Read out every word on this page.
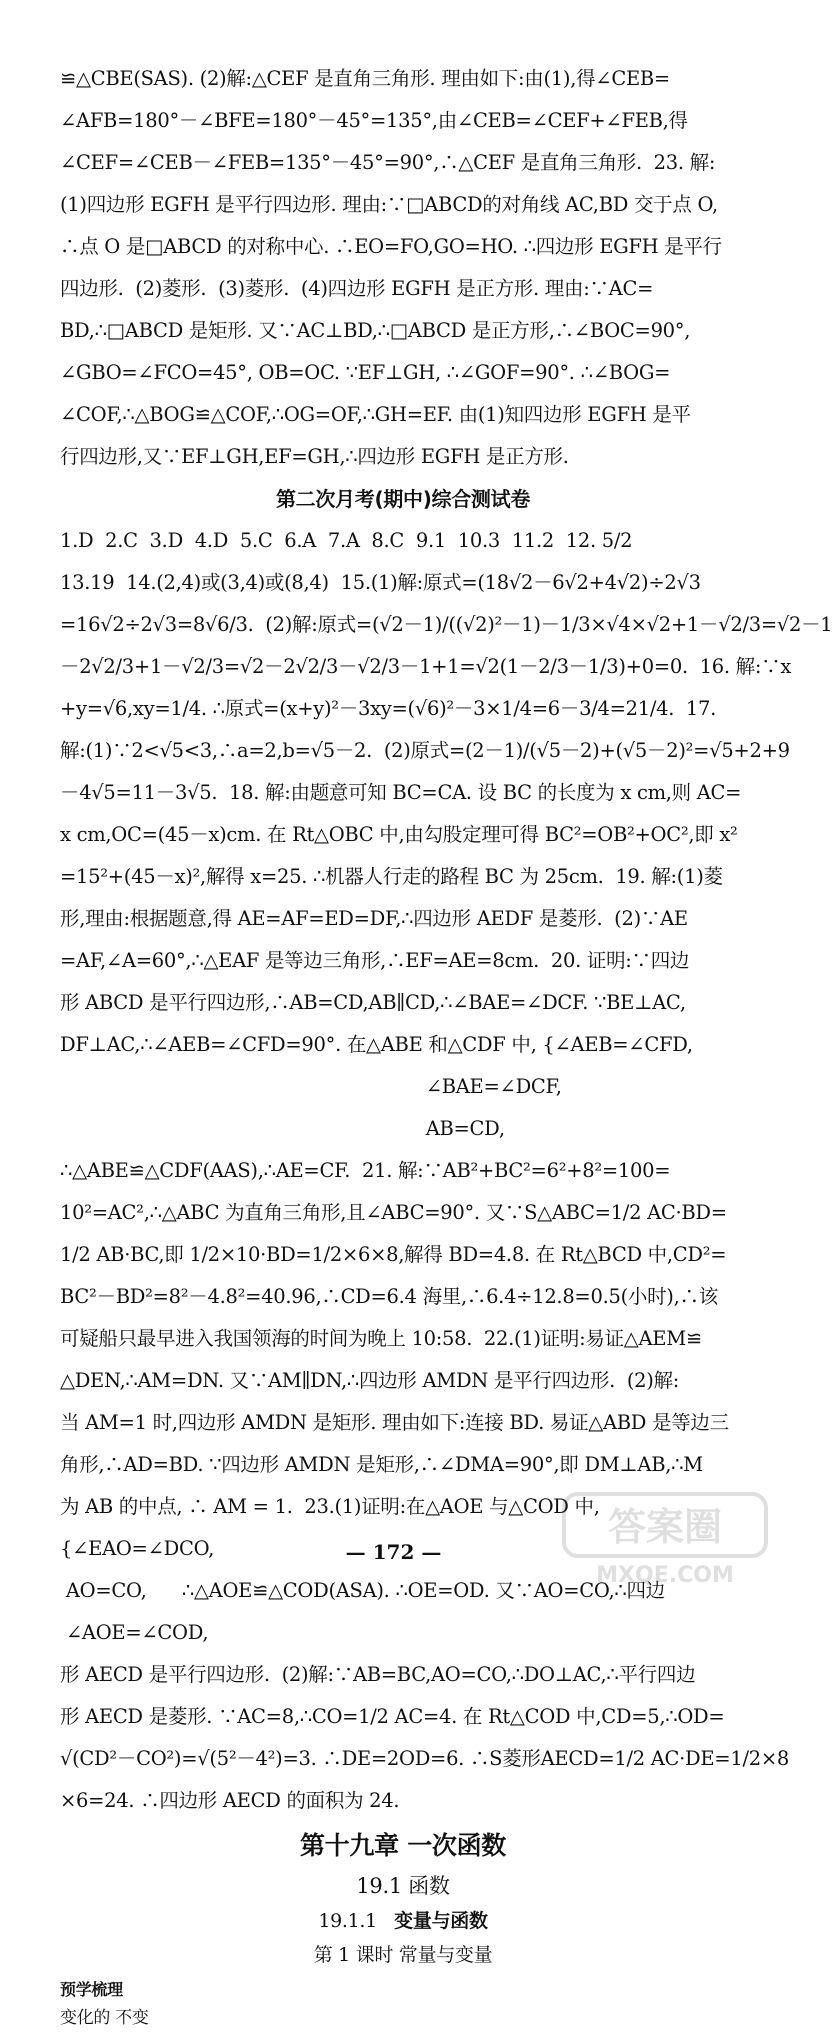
≌△CBE(SAS). (2)解:△CEF 是直角三角形. 理由如下:由(1),得∠CEB=
∠AFB=180°－∠BFE=180°－45°=135°,由∠CEB=∠CEF+∠FEB,得
∠CEF=∠CEB－∠FEB=135°－45°=90°,∴△CEF 是直角三角形.  23. 解:
(1)四边形 EGFH 是平行四边形. 理由:∵□ABCD的对角线 AC,BD 交于点 O,
∴点 O 是□ABCD 的对称中心. ∴EO=FO,GO=HO. ∴四边形 EGFH 是平行
四边形.  (2)菱形.  (3)菱形.  (4)四边形 EGFH 是正方形. 理由:∵AC=
BD,∴□ABCD 是矩形. 又∵AC⊥BD,∴□ABCD 是正方形,∴∠BOC=90°,
∠GBO=∠FCO=45°, OB=OC. ∵EF⊥GH, ∴∠GOF=90°. ∴∠BOG=
∠COF,∴△BOG≌△COF,∴OG=OF,∴GH=EF. 由(1)知四边形 EGFH 是平
行四边形,又∵EF⊥GH,EF=GH,∴四边形 EGFH 是正方形.
第二次月考(期中)综合测试卷
1.D  2.C  3.D  4.D  5.C  6.A  7.A  8.C  9.1  10.3  11.2  12. 5/2
13.19  14.(2,4)或(3,4)或(8,4)  15.(1)解:原式=(18√2－6√2+4√2)÷2√3
=16√2÷2√3=8√6/3.  (2)解:原式=(√2－1)/((√2)²－1)－1/3×√4×√2+1－√2/3=√2－1
－2√2/3+1－√2/3=√2－2√2/3－√2/3－1+1=√2(1－2/3－1/3)+0=0.  16. 解:∵x
+y=√6,xy=1/4. ∴原式=(x+y)²－3xy=(√6)²－3×1/4=6－3/4=21/4.  17.
解:(1)∵2<√5<3,∴a=2,b=√5－2.  (2)原式=(2－1)/(√5－2)+(√5－2)²=√5+2+9
－4√5=11－3√5.  18. 解:由题意可知 BC=CA. 设 BC 的长度为 x cm,则 AC=
x cm,OC=(45－x)cm. 在 Rt△OBC 中,由勾股定理可得 BC²=OB²+OC²,即 x²
=15²+(45－x)²,解得 x=25. ∴机器人行走的路程 BC 为 25cm.  19. 解:(1)菱
形,理由:根据题意,得 AE=AF=ED=DF,∴四边形 AEDF 是菱形.  (2)∵AE
=AF,∠A=60°,∴△EAF 是等边三角形,∴EF=AE=8cm.  20. 证明:∵四边
形 ABCD 是平行四边形,∴AB=CD,AB∥CD,∴∠BAE=∠DCF. ∵BE⊥AC,
DF⊥AC,∴∠AEB=∠CFD=90°. 在△ABE 和△CDF 中, {∠AEB=∠CFD,
∠BAE=∠DCF,
AB=CD,
∴△ABE≌△CDF(AAS),∴AE=CF.  21. 解:∵AB²+BC²=6²+8²=100=
10²=AC²,∴△ABC 为直角三角形,且∠ABC=90°. 又∵S△ABC=1/2 AC·BD=
1/2 AB·BC,即 1/2×10·BD=1/2×6×8,解得 BD=4.8. 在 Rt△BCD 中,CD²=
BC²－BD²=8²－4.8²=40.96,∴CD=6.4 海里,∴6.4÷12.8=0.5(小时),∴该
可疑船只最早进入我国领海的时间为晚上 10:58.  22.(1)证明:易证△AEM≌
△DEN,∴AM=DN. 又∵AM∥DN,∴四边形 AMDN 是平行四边形.  (2)解:
当 AM=1 时,四边形 AMDN 是矩形. 理由如下:连接 BD. 易证△ABD 是等边三
角形,∴AD=BD. ∵四边形 AMDN 是矩形,∴∠DMA=90°,即 DM⊥AB,∴M
为 AB 的中点, ∴ AM = 1.  23.(1)证明:在△AOE 与△COD 中,
{∠EAO=∠DCO,
AO=CO,      ∴△AOE≌△COD(ASA). ∴OE=OD. 又∵AO=CO,∴四边
∠AOE=∠COD,
形 AECD 是平行四边形.  (2)解:∵AB=BC,AO=CO,∴DO⊥AC,∴平行四边
形 AECD 是菱形. ∵AC=8,∴CO=1/2 AC=4. 在 Rt△COD 中,CD=5,∴OD=
√(CD²－CO²)=√(5²－4²)=3. ∴DE=2OD=6. ∴S菱形AECD=1/2 AC·DE=1/2×8
×6=24. ∴四边形 AECD 的面积为 24.
第十九章 一次函数
19.1 函数
19.1.1 变量与函数
第 1 课时 常量与变量
预学梳理
变化的 不变
— 172 —
答案圈
MXQE.COM
